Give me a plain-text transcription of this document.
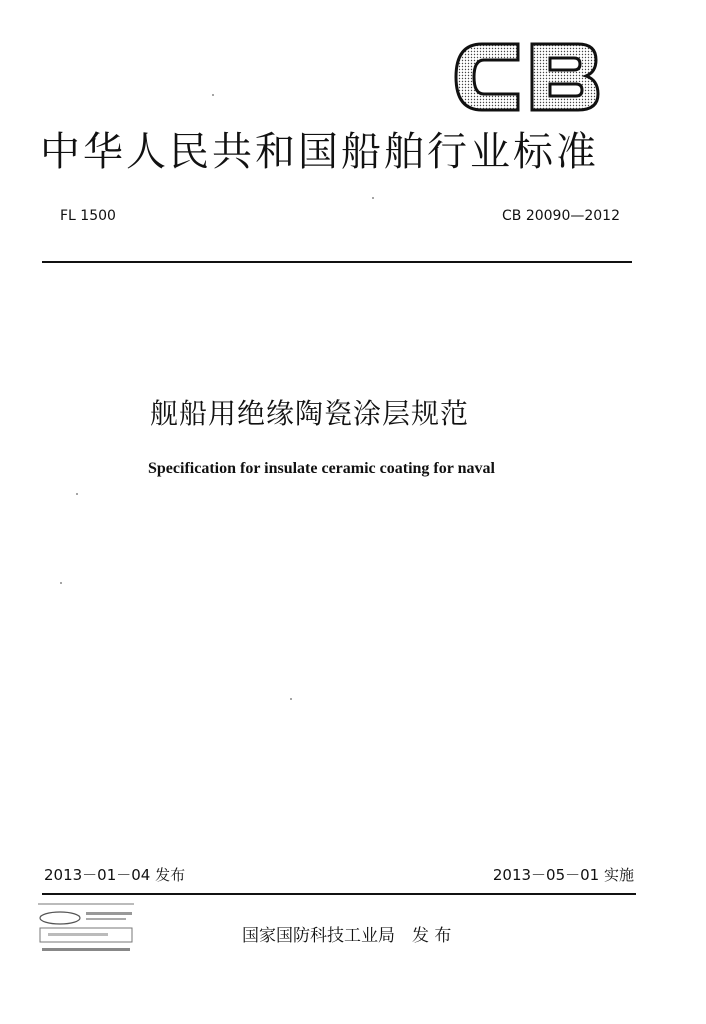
中华人民共和国船舶行业标准
FL 1500	CB 20090—2012
舰船用绝缘陶瓷涂层规范
Specification for insulate ceramic coating for naval
2013－01－04 发布	2013－05－01 实施
国家国防科技工业局　发 布
